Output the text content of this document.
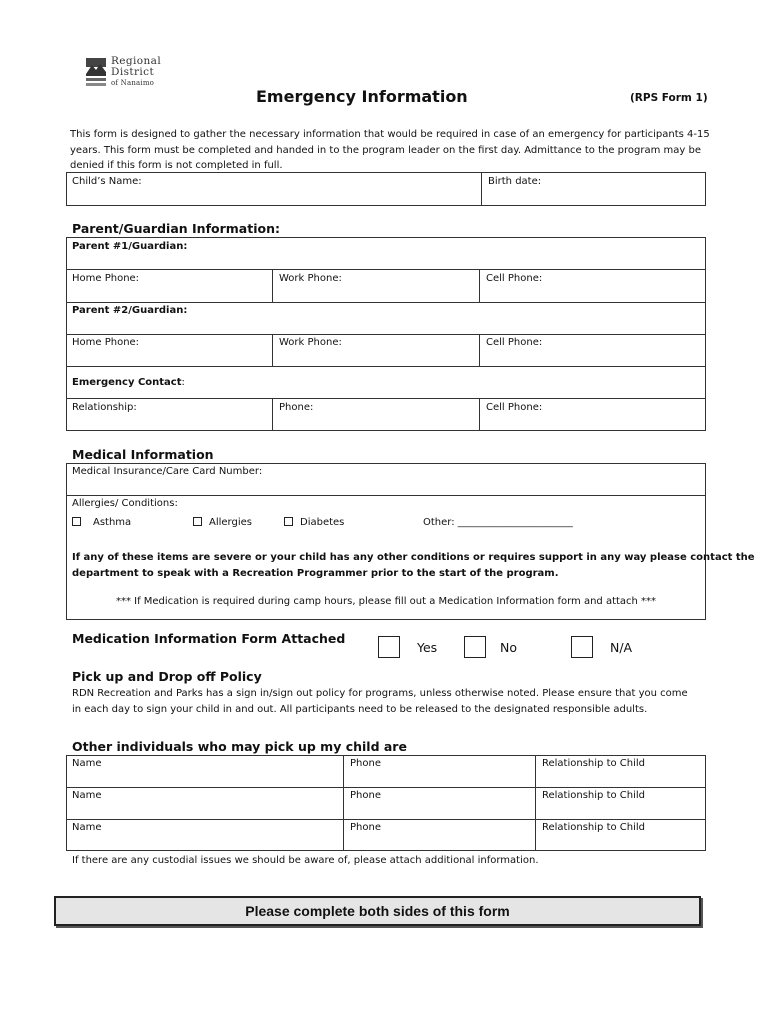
Regional
District
of Nanaimo
Emergency Information	(RPS Form 1)
This form is designed to gather the necessary information that would be required in case of an emergency for participants 4-15 years. This form must be completed and handed in to the program leader on the first day. Admittance to the program may be denied if this form is not completed in full.
Child’s Name:	Birth date:
Parent/Guardian Information:
Parent #1/Guardian:
Home Phone:	Work Phone:	Cell Phone:
Parent #2/Guardian:
Home Phone:	Work Phone:	Cell Phone:
Emergency Contact:
Relationship:	Phone:	Cell Phone:
Medical Information
Medical Insurance/Care Card Number:
Allergies/ Conditions:
Asthma	Allergies	Diabetes	Other: _______________________
If any of these items are severe or your child has any other conditions or requires support in any way please contact the
department to speak with a Recreation Programmer prior to the start of the program.
*** If Medication is required during camp hours, please fill out a Medication Information form and attach ***
Medication Information Form Attached
Yes	No	N/A
Pick up and Drop off Policy
RDN Recreation and Parks has a sign in/sign out policy for programs, unless otherwise noted. Please ensure that you come
in each day to sign your child in and out. All participants need to be released to the designated responsible adults.
Other individuals who may pick up my child are
Name	Phone	Relationship to Child
Name	Phone	Relationship to Child
Name	Phone	Relationship to Child
If there are any custodial issues we should be aware of, please attach additional information.
Please complete both sides of this form
